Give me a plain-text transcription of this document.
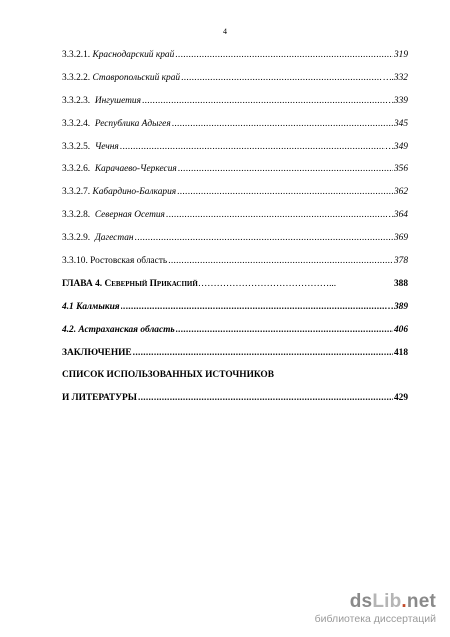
4
3.3.2.1. Краснодарский край .....	319
3.3.2.2. Ставропольский край .....	….332
3.3.2.3. Ингушетия .....	…339
3.3.2.4. Республика Адыгея .....	345
3.3.2.5. Чечня .....	…349
3.3.2.6. Карачаево-Черкесия .....	356
3.3.2.7. Кабардино-Балкария .....	362
3.3.2.8. Северная Осетия .....	…364
3.3.2.9. Дагестан .....	369
3.3.10. Ростовская область .....	378
ГЛАВА 4. Северный Прикаспий……………………………………...	388
4.1 Калмыкия .....	…389
4.2. Астраханская область .....	406
ЗАКЛЮЧЕНИЕ .....	418
СПИСОК ИСПОЛЬЗОВАННЫХ ИСТОЧНИКОВ
И ЛИТЕРАТУРЫ .....	429
dsLib.net
библиотека диссертаций
